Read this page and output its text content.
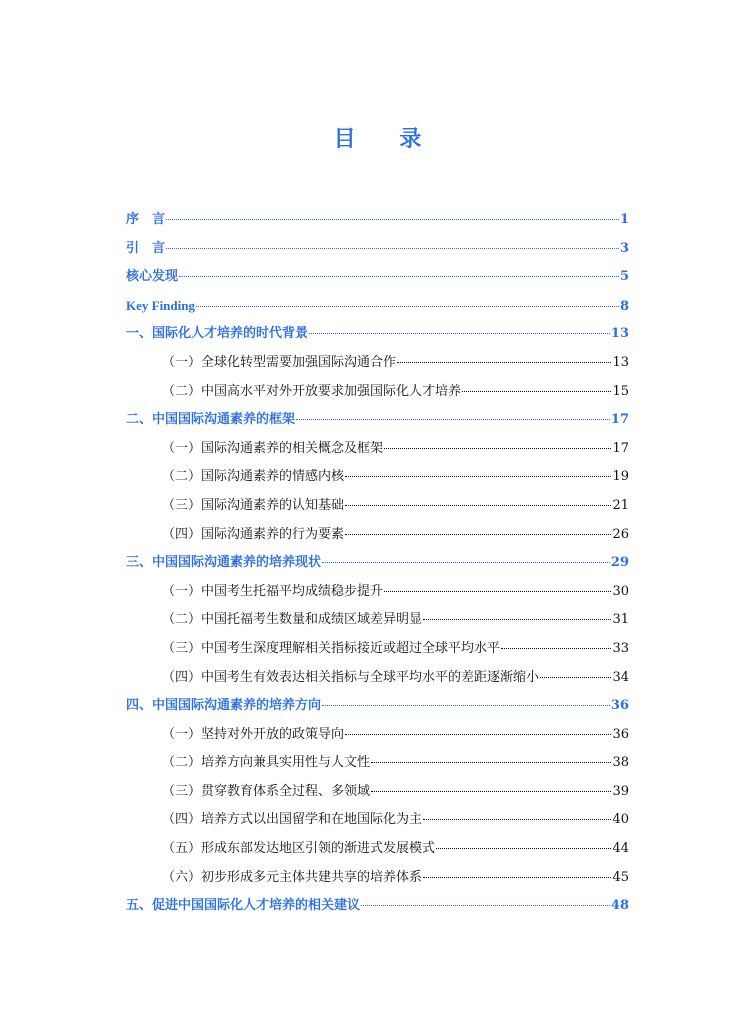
目 录
序　言	1
引　言	3
核心发现	5
Key Finding	8
一、国际化人才培养的时代背景	13
（一）全球化转型需要加强国际沟通合作	13
（二）中国高水平对外开放要求加强国际化人才培养	15
二、中国国际沟通素养的框架	17
（一）国际沟通素养的相关概念及框架	17
（二）国际沟通素养的情感内核	19
（三）国际沟通素养的认知基础	21
（四）国际沟通素养的行为要素	26
三、中国国际沟通素养的培养现状	29
（一）中国考生托福平均成绩稳步提升	30
（二）中国托福考生数量和成绩区域差异明显	31
（三）中国考生深度理解相关指标接近或超过全球平均水平	33
（四）中国考生有效表达相关指标与全球平均水平的差距逐渐缩小	34
四、中国国际沟通素养的培养方向	36
（一）坚持对外开放的政策导向	36
（二）培养方向兼具实用性与人文性	38
（三）贯穿教育体系全过程、多领域	39
（四）培养方式以出国留学和在地国际化为主	40
（五）形成东部发达地区引领的渐进式发展模式	44
（六）初步形成多元主体共建共享的培养体系	45
五、促进中国国际化人才培养的相关建议	48
